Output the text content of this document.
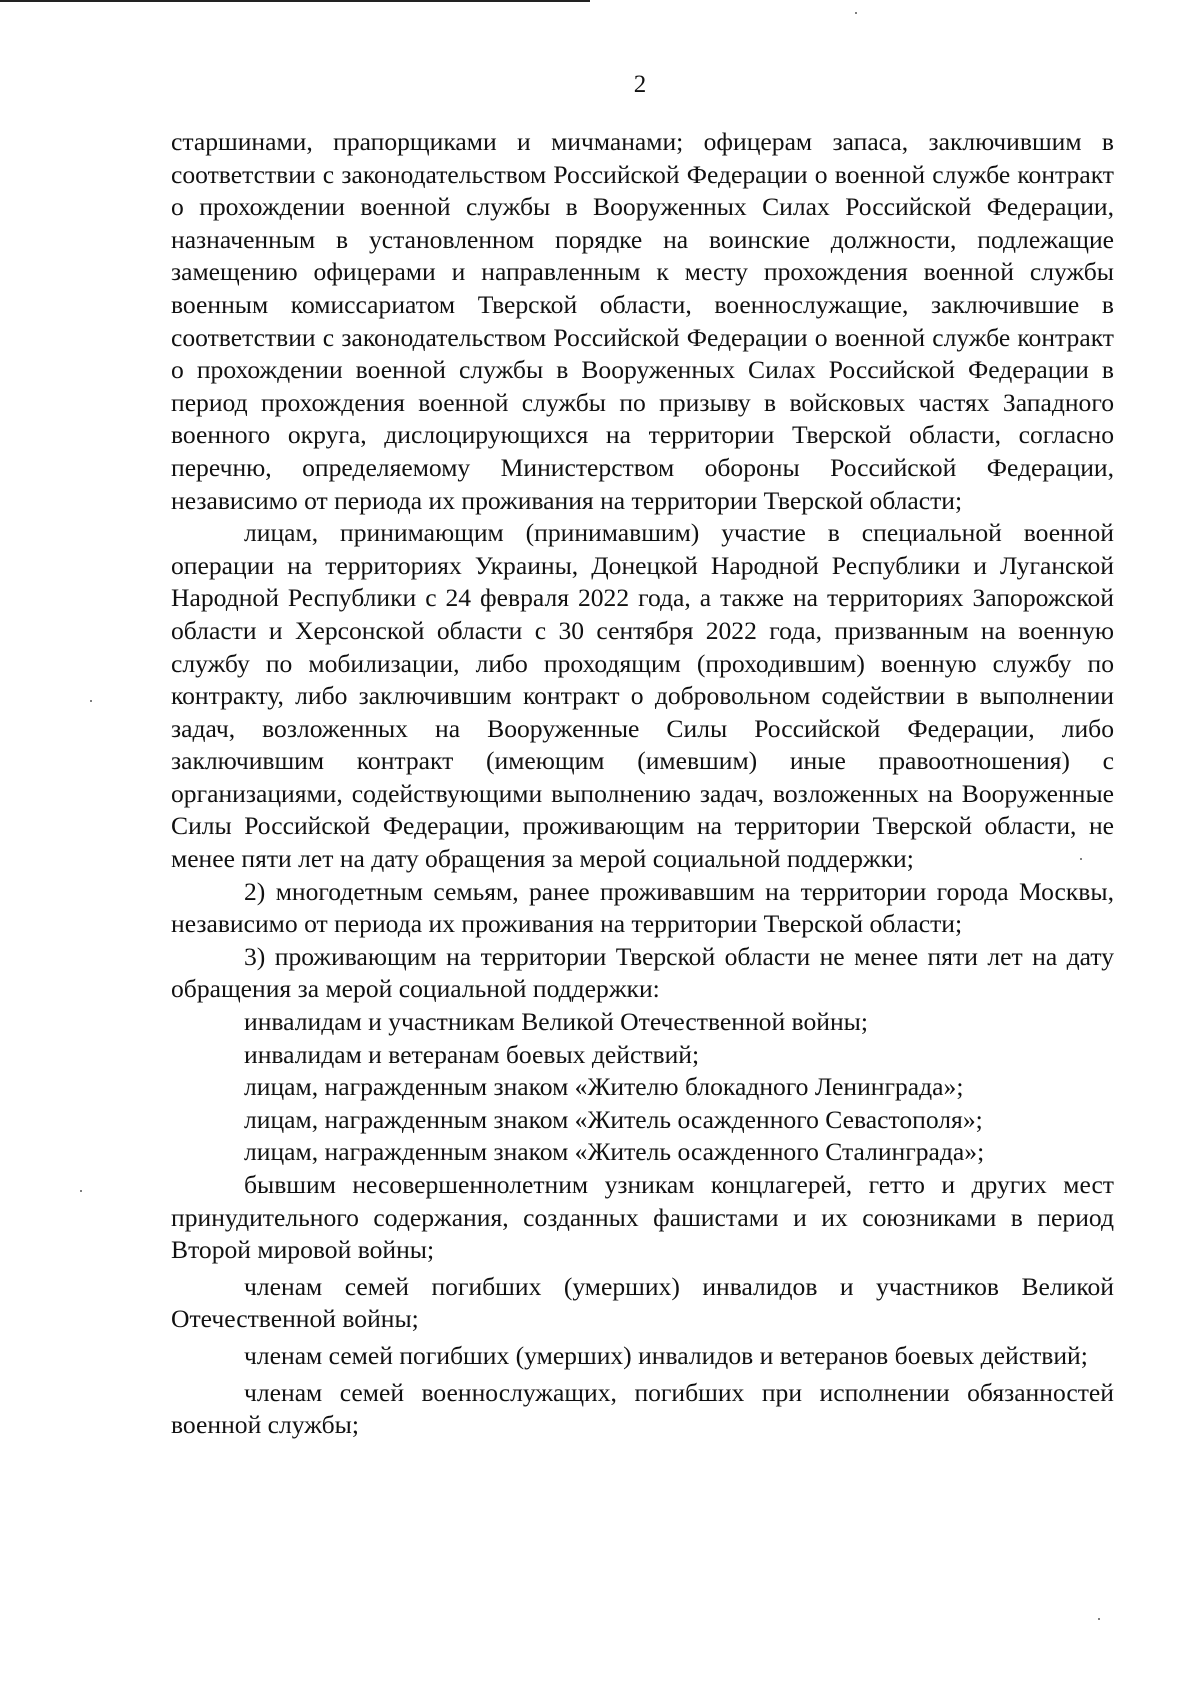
2

старшинами, прапорщиками и мичманами; офицерам запаса, заключившим в соответствии с законодательством Российской Федерации о военной службе контракт о прохождении военной службы в Вооруженных Силах Российской Федерации, назначенным в установленном порядке на воинские должности, подлежащие замещению офицерами и направленным к месту прохождения военной службы военным комиссариатом Тверской области, военнослужащие, заключившие в соответствии с законодательством Российской Федерации о военной службе контракт о прохождении военной службы в Вооруженных Силах Российской Федерации в период прохождения военной службы по призыву в войсковых частях Западного военного округа, дислоцирующихся на территории Тверской области, согласно перечню, определяемому Министерством обороны Российской Федерации, независимо от периода их проживания на территории Тверской области;

лицам, принимающим (принимавшим) участие в специальной военной операции на территориях Украины, Донецкой Народной Республики и Луганской Народной Республики с 24 февраля 2022 года, а также на территориях Запорожской области и Херсонской области с 30 сентября 2022 года, призванным на военную службу по мобилизации, либо проходящим (проходившим) военную службу по контракту, либо заключившим контракт о добровольном содействии в выполнении задач, возложенных на Вооруженные Силы Российской Федерации, либо заключившим контракт (имеющим (имевшим) иные правоотношения) с организациями, содействующими выполнению задач, возложенных на Вооруженные Силы Российской Федерации, проживающим на территории Тверской области, не менее пяти лет на дату обращения за мерой социальной поддержки;

2) многодетным семьям, ранее проживавшим на территории города Москвы, независимо от периода их проживания на территории Тверской области;

3) проживающим на территории Тверской области не менее пяти лет на дату обращения за мерой социальной поддержки:

инвалидам и участникам Великой Отечественной войны;

инвалидам и ветеранам боевых действий;

лицам, награжденным знаком «Жителю блокадного Ленинграда»;

лицам, награжденным знаком «Житель осажденного Севастополя»;

лицам, награжденным знаком «Житель осажденного Сталинграда»;

бывшим несовершеннолетним узникам концлагерей, гетто и других мест принудительного содержания, созданных фашистами и их союзниками в период Второй мировой войны;

членам семей погибших (умерших) инвалидов и участников Великой Отечественной войны;

членам семей погибших (умерших) инвалидов и ветеранов боевых действий;

членам семей военнослужащих, погибших при исполнении обязанностей военной службы;
